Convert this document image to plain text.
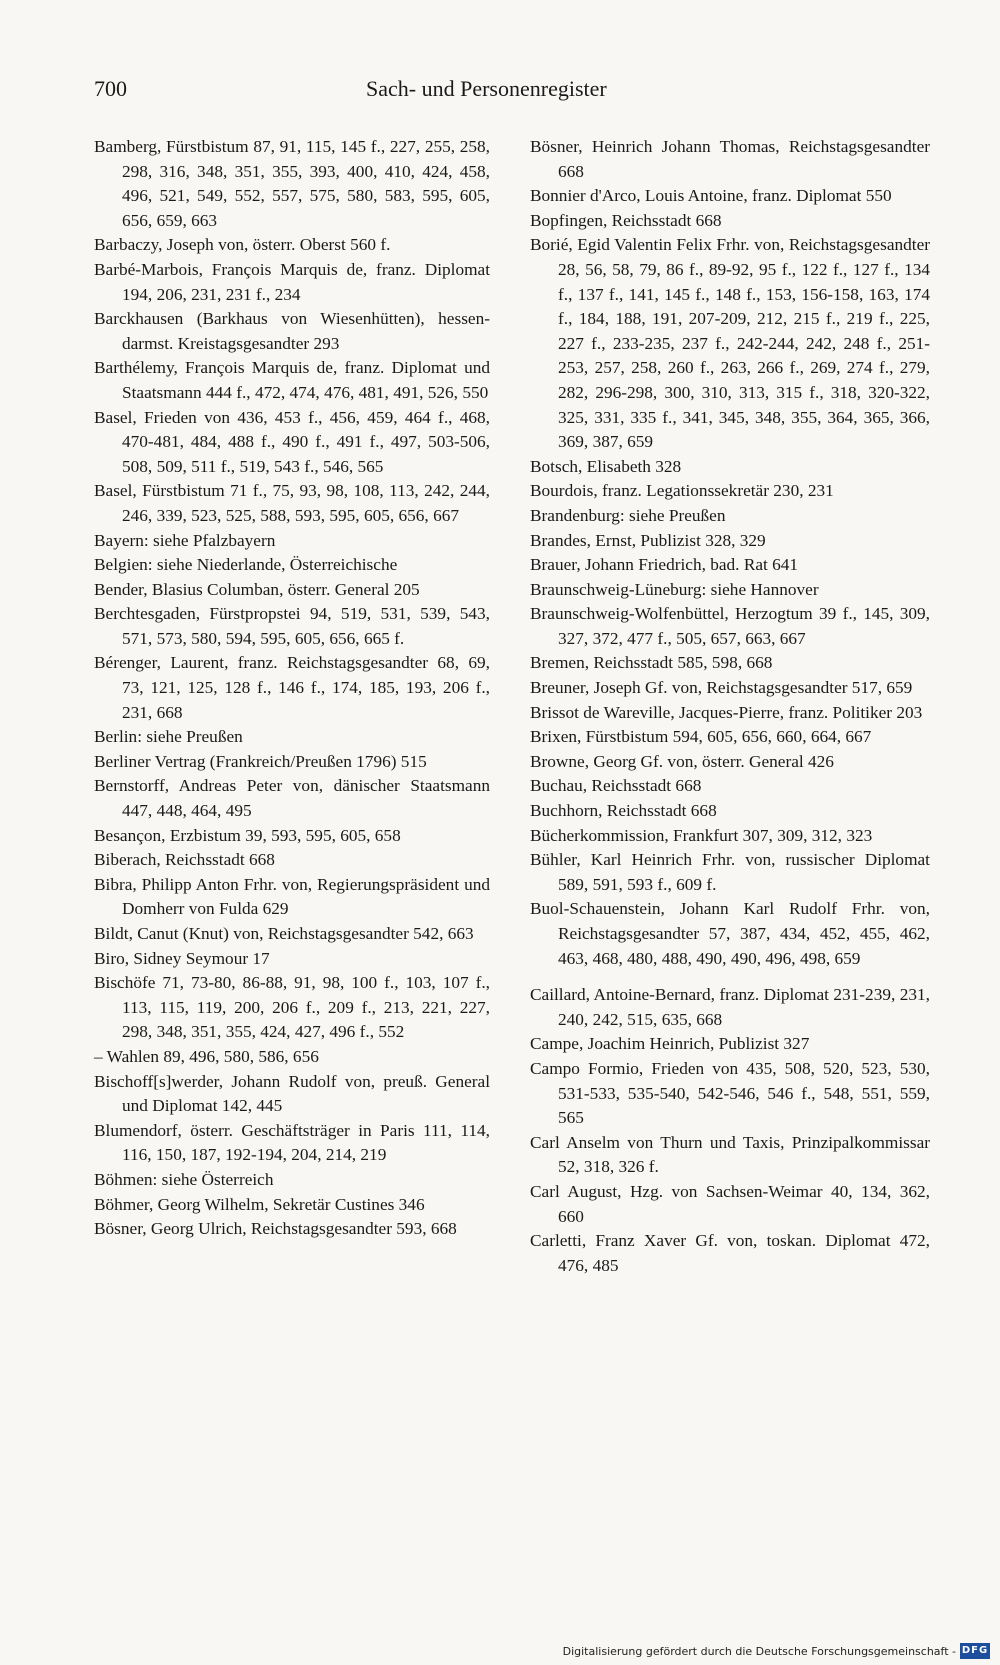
700	Sach- und Personenregister

Bamberg, Fürstbistum 87, 91, 115, 145 f., 227, 255, 258, 298, 316, 348, 351, 355, 393, 400, 410, 424, 458, 496, 521, 549, 552, 557, 575, 580, 583, 595, 605, 656, 659, 663

Barbaczy, Joseph von, österr. Oberst 560 f.

Barbé-Marbois, François Marquis de, franz. Diplomat 194, 206, 231, 231 f., 234

Barckhausen (Barkhaus von Wiesenhütten), hessen-darmst. Kreistagsgesandter 293

Barthélemy, François Marquis de, franz. Diplomat und Staatsmann 444 f., 472, 474, 476, 481, 491, 526, 550

Basel, Frieden von 436, 453 f., 456, 459, 464 f., 468, 470-481, 484, 488 f., 490 f., 491 f., 497, 503-506, 508, 509, 511 f., 519, 543 f., 546, 565

Basel, Fürstbistum 71 f., 75, 93, 98, 108, 113, 242, 244, 246, 339, 523, 525, 588, 593, 595, 605, 656, 667

Bayern: siehe Pfalzbayern

Belgien: siehe Niederlande, Österreichische

Bender, Blasius Columban, österr. General 205

Berchtesgaden, Fürstpropstei 94, 519, 531, 539, 543, 571, 573, 580, 594, 595, 605, 656, 665 f.

Bérenger, Laurent, franz. Reichstagsgesandter 68, 69, 73, 121, 125, 128 f., 146 f., 174, 185, 193, 206 f., 231, 668

Berlin: siehe Preußen

Berliner Vertrag (Frankreich/Preußen 1796) 515

Bernstorff, Andreas Peter von, dänischer Staatsmann 447, 448, 464, 495

Besançon, Erzbistum 39, 593, 595, 605, 658

Biberach, Reichsstadt 668

Bibra, Philipp Anton Frhr. von, Regierungspräsident und Domherr von Fulda 629

Bildt, Canut (Knut) von, Reichstagsgesandter 542, 663

Biro, Sidney Seymour 17

Bischöfe 71, 73-80, 86-88, 91, 98, 100 f., 103, 107 f., 113, 115, 119, 200, 206 f., 209 f., 213, 221, 227, 298, 348, 351, 355, 424, 427, 496 f., 552

– Wahlen 89, 496, 580, 586, 656

Bischoff[s]werder, Johann Rudolf von, preuß. General und Diplomat 142, 445

Blumendorf, österr. Geschäftsträger in Paris 111, 114, 116, 150, 187, 192-194, 204, 214, 219

Böhmen: siehe Österreich

Böhmer, Georg Wilhelm, Sekretär Custines 346

Bösner, Georg Ulrich, Reichstagsgesandter 593, 668

Bösner, Heinrich Johann Thomas, Reichstagsgesandter 668

Bonnier d'Arco, Louis Antoine, franz. Diplomat 550

Bopfingen, Reichsstadt 668

Borié, Egid Valentin Felix Frhr. von, Reichstagsgesandter 28, 56, 58, 79, 86 f., 89-92, 95 f., 122 f., 127 f., 134 f., 137 f., 141, 145 f., 148 f., 153, 156-158, 163, 174 f., 184, 188, 191, 207-209, 212, 215 f., 219 f., 225, 227 f., 233-235, 237 f., 242-244, 242, 248 f., 251-253, 257, 258, 260 f., 263, 266 f., 269, 274 f., 279, 282, 296-298, 300, 310, 313, 315 f., 318, 320-322, 325, 331, 335 f., 341, 345, 348, 355, 364, 365, 366, 369, 387, 659

Botsch, Elisabeth 328

Bourdois, franz. Legationssekretär 230, 231

Brandenburg: siehe Preußen

Brandes, Ernst, Publizist 328, 329

Brauer, Johann Friedrich, bad. Rat 641

Braunschweig-Lüneburg: siehe Hannover

Braunschweig-Wolfenbüttel, Herzogtum 39 f., 145, 309, 327, 372, 477 f., 505, 657, 663, 667

Bremen, Reichsstadt 585, 598, 668

Breuner, Joseph Gf. von, Reichstagsgesandter 517, 659

Brissot de Wareville, Jacques-Pierre, franz. Politiker 203

Brixen, Fürstbistum 594, 605, 656, 660, 664, 667

Browne, Georg Gf. von, österr. General 426

Buchau, Reichsstadt 668

Buchhorn, Reichsstadt 668

Bücherkommission, Frankfurt 307, 309, 312, 323

Bühler, Karl Heinrich Frhr. von, russischer Diplomat 589, 591, 593 f., 609 f.

Buol-Schauenstein, Johann Karl Rudolf Frhr. von, Reichstagsgesandter 57, 387, 434, 452, 455, 462, 463, 468, 480, 488, 490, 490, 496, 498, 659

Caillard, Antoine-Bernard, franz. Diplomat 231-239, 231, 240, 242, 515, 635, 668

Campe, Joachim Heinrich, Publizist 327

Campo Formio, Frieden von 435, 508, 520, 523, 530, 531-533, 535-540, 542-546, 546 f., 548, 551, 559, 565

Carl Anselm von Thurn und Taxis, Prinzipalkommissar 52, 318, 326 f.

Carl August, Hzg. von Sachsen-Weimar 40, 134, 362, 660

Carletti, Franz Xaver Gf. von, toskan. Diplomat 472, 476, 485

Digitalisierung gefördert durch die Deutsche Forschungsgemeinschaft - DFG
